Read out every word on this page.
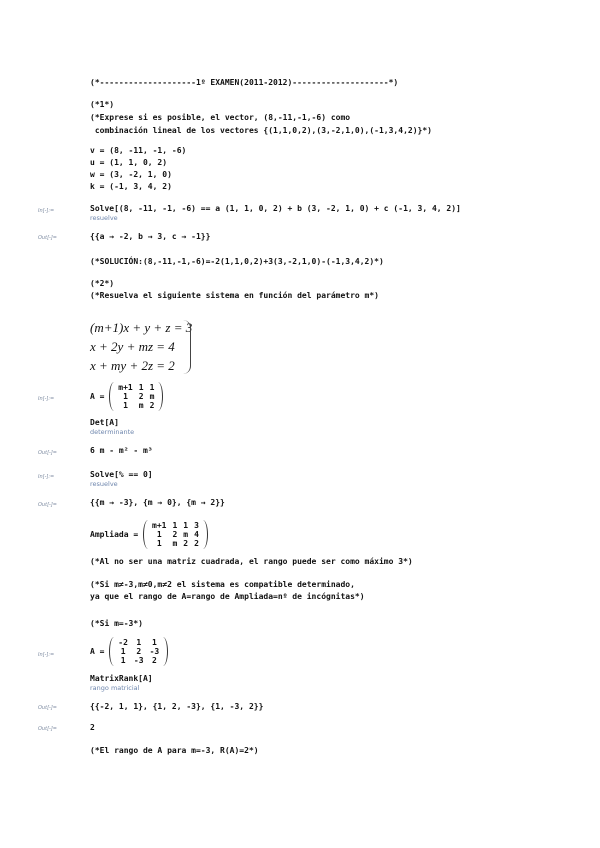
(*--------------------1º EXAMEN(2011-2012)--------------------*)
(*1*)
(*Exprese si es posible, el vector, (8,-11,-1,-6) como
combinación lineal de los vectores {(1,1,0,2),(3,-2,1,0),(-1,3,4,2)}*)
v = (8, -11, -1, -6)
u = (1, 1, 0, 2)
w = (3, -2, 1, 0)
k = (-1, 3, 4, 2)
In[-]:=	Solve[(8, -11, -1, -6) == a (1, 1, 0, 2) + b (3, -2, 1, 0) + c (-1, 3, 4, 2)]
resuelve
Out[-]=	{{a → -2, b → 3, c → -1}}
(*SOLUCIÓN:(8,-11,-1,-6)=-2(1,1,0,2)+3(3,-2,1,0)-(-1,3,4,2)*)
(*2*)
(*Resuelva el siguiente sistema en función del parámetro m*)
(m+1)x + y + z = 3
x + 2y + mz = 4
x + my + 2z = 2
In[-]:=	A =

m+1	1	1
1	2	m
1	m	2
Det[A]
determinante
Out[-]=	6 m - m² - m³
In[-]:=	Solve[% == 0]
resuelve
Out[-]=	{{m → -3}, {m → 0}, {m → 2}}
Ampliada =

m+1	1	1	3
1	2	m	4
1	m	2	2
(*Al no ser una matriz cuadrada, el rango puede ser como máximo 3*)
(*Si m≠-3,m≠0,m≠2 el sistema es compatible determinado,
ya que el rango de A=rango de Ampliada=nº de incógnitas*)
(*Si m=-3*)
In[-]:=	A =

-2	1	1
1	2	-3
1	-3	2
MatrixRank[A]
rango matricial
Out[-]=	{{-2, 1, 1}, {1, 2, -3}, {1, -3, 2}}
Out[-]=	2
(*El rango de A para m=-3, R(A)=2*)
